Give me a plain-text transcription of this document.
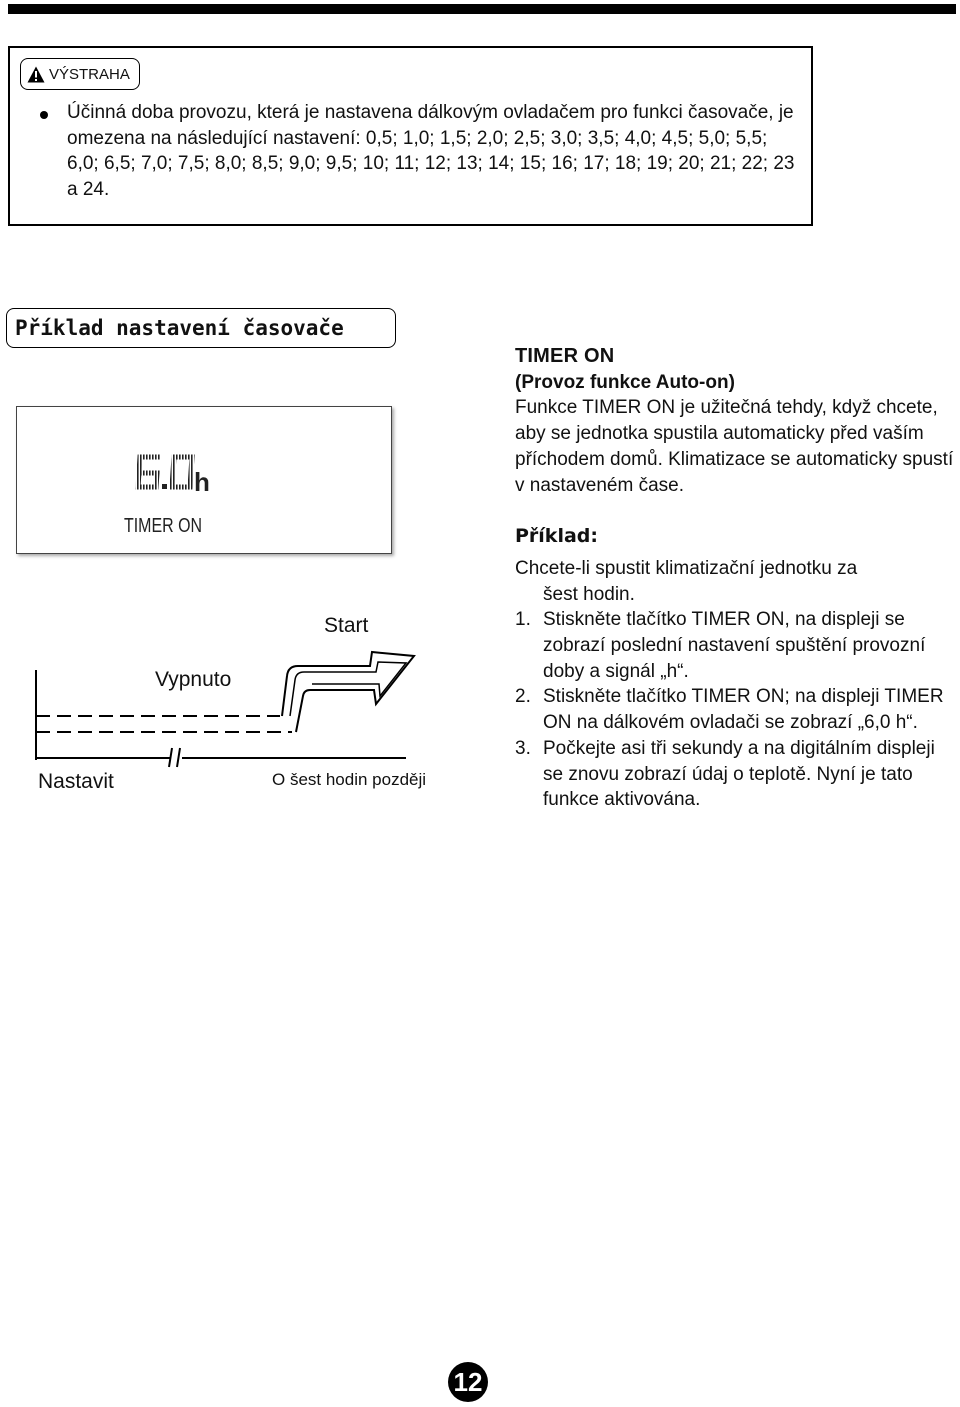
VÝSTRAHA
Účinná doba provozu, která je nastavena dálkovým ovladačem pro funkci časovače, je omezena na následující nastavení: 0,5; 1,0; 1,5; 2,0; 2,5; 3,0; 3,5; 4,0; 4,5; 5,0; 5,5; 6,0; 6,5; 7,0; 7,5; 8,0; 8,5; 9,0; 9,5; 10; 11; 12; 13; 14; 15; 16; 17; 18; 19; 20; 21; 22; 23 a 24.
Příklad nastavení časovače
h
TIMER ON
Start
Vypnuto
Nastavit	O šest hodin později
TIMER ON
(Provoz funkce Auto-on)

Funkce TIMER ON je užitečná tehdy, když chcete, aby se jednotka spustila automaticky před vaším příchodem domů. Klimatizace se automaticky spustí v nastaveném čase.

Příklad:
Chcete-li spustit klimatizační jednotku za
šest hodin.
1. Stiskněte tlačítko TIMER ON, na displeji se zobrazí poslední nastavení spuštění provozní doby a signál „h“.
2. Stiskněte tlačítko TIMER ON; na displeji TIMER ON na dálkovém ovladači se zobrazí „6,0 h“.
3. Počkejte asi tři sekundy a na digitálním displeji se znovu zobrazí údaj o teplotě. Nyní je tato funkce aktivována.
12
